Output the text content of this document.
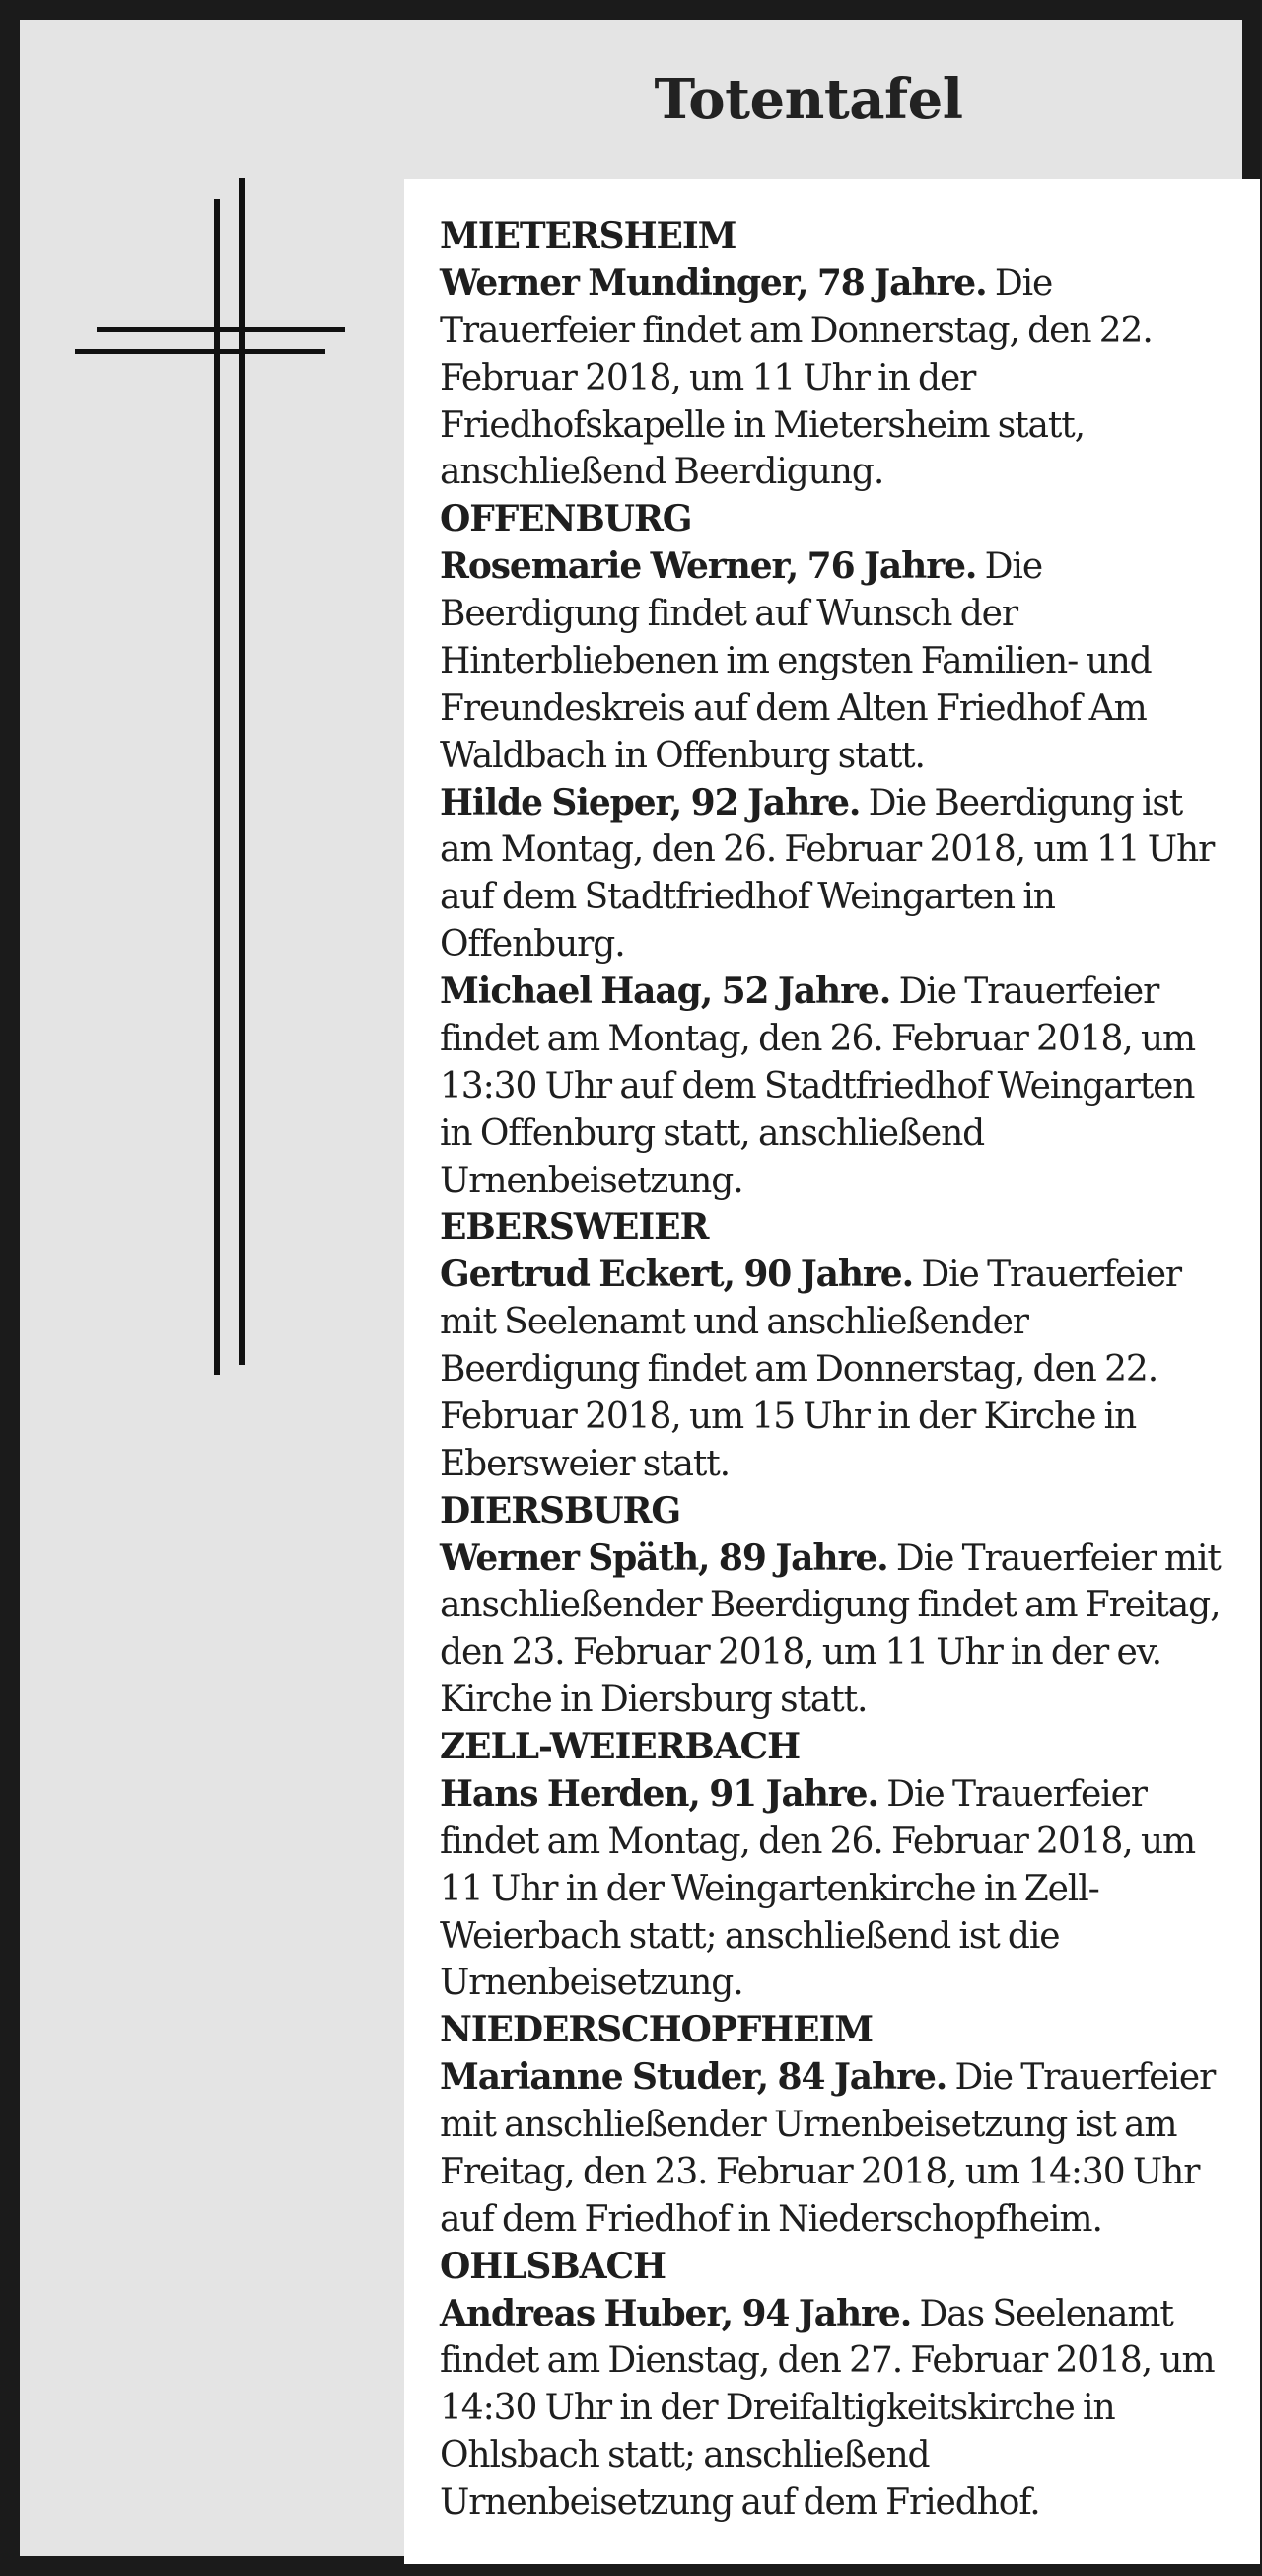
Totentafel

MIETERSHEIM

Werner Mundinger, 78 Jahre. Die Trauerfeier findet am Donnerstag, den 22. Februar 2018, um 11 Uhr in der Friedhofskapelle in Mietersheim statt, anschließend Beerdigung.

OFFENBURG

Rosemarie Werner, 76 Jahre. Die Beerdigung findet auf Wunsch der Hinterbliebenen im engsten Familien- und Freundeskreis auf dem Alten Friedhof Am Waldbach in Offenburg statt.

Hilde Sieper, 92 Jahre. Die Beerdigung ist am Montag, den 26. Februar 2018, um 11 Uhr auf dem Stadtfriedhof Weingarten in Offenburg.

Michael Haag, 52 Jahre. Die Trauerfeier findet am Montag, den 26. Februar 2018, um 13:30 Uhr auf dem Stadtfriedhof Weingarten in Offenburg statt, anschließend Urnenbeisetzung.

EBERSWEIER

Gertrud Eckert, 90 Jahre. Die Trauerfeier mit Seelenamt und anschließender Beerdigung findet am Donnerstag, den 22. Februar 2018, um 15 Uhr in der Kirche in Ebersweier statt.

DIERSBURG

Werner Späth, 89 Jahre. Die Trauerfeier mit anschließender Beerdigung findet am Freitag, den 23. Februar 2018, um 11 Uhr in der ev. Kirche in Diersburg statt.

ZELL-WEIERBACH

Hans Herden, 91 Jahre. Die Trauerfeier findet am Montag, den 26. Februar 2018, um 11 Uhr in der Weingartenkirche in Zell-Weierbach statt; anschließend ist die Urnenbeisetzung.

NIEDERSCHOPFHEIM

Marianne Studer, 84 Jahre. Die Trauerfeier mit anschließender Urnenbeisetzung ist am Freitag, den 23. Februar 2018, um 14:30 Uhr auf dem Friedhof in Niederschopfheim.

OHLSBACH

Andreas Huber, 94 Jahre. Das Seelenamt findet am Dienstag, den 27. Februar 2018, um 14:30 Uhr in der Dreifaltigkeitskirche in Ohlsbach statt; anschließend Urnenbeisetzung auf dem Friedhof.
